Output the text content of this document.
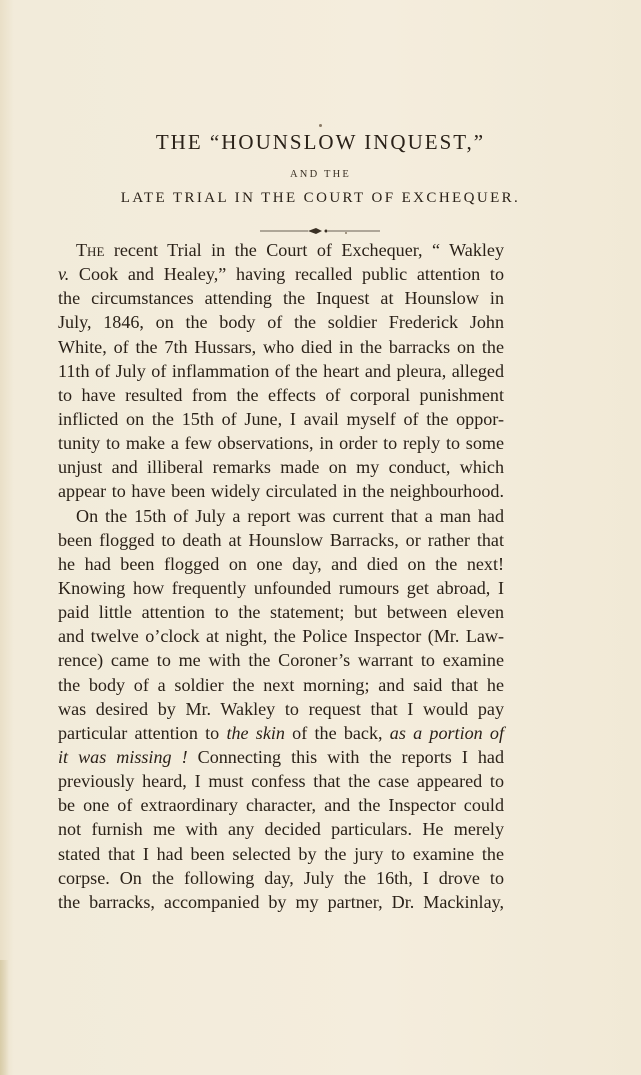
THE “HOUNSLOW INQUEST,”
AND THE
LATE TRIAL IN THE COURT OF EXCHEQUER.
The recent Trial in the Court of Exchequer, “ Wakley
v. Cook and Healey,” having recalled public attention to
the circumstances attending the Inquest at Hounslow in
July, 1846, on the body of the soldier Frederick John
White, of the 7th Hussars, who died in the barracks on the
11th of July of inflammation of the heart and pleura, alleged
to have resulted from the effects of corporal punishment
inflicted on the 15th of June, I avail myself of the oppor-
tunity to make a few observations, in order to reply to some
unjust and illiberal remarks made on my conduct, which
appear to have been widely circulated in the neighbourhood.
On the 15th of July a report was current that a man had
been flogged to death at Hounslow Barracks, or rather that
he had been flogged on one day, and died on the next!
Knowing how frequently unfounded rumours get abroad, I
paid little attention to the statement; but between eleven
and twelve o’clock at night, the Police Inspector (Mr. Law-
rence) came to me with the Coroner’s warrant to examine
the body of a soldier the next morning; and said that he
was desired by Mr. Wakley to request that I would pay
particular attention to the skin of the back, as a portion of
it was missing ! Connecting this with the reports I had
previously heard, I must confess that the case appeared to
be one of extraordinary character, and the Inspector could
not furnish me with any decided particulars. He merely
stated that I had been selected by the jury to examine the
corpse. On the following day, July the 16th, I drove to
the barracks, accompanied by my partner, Dr. Mackinlay,
